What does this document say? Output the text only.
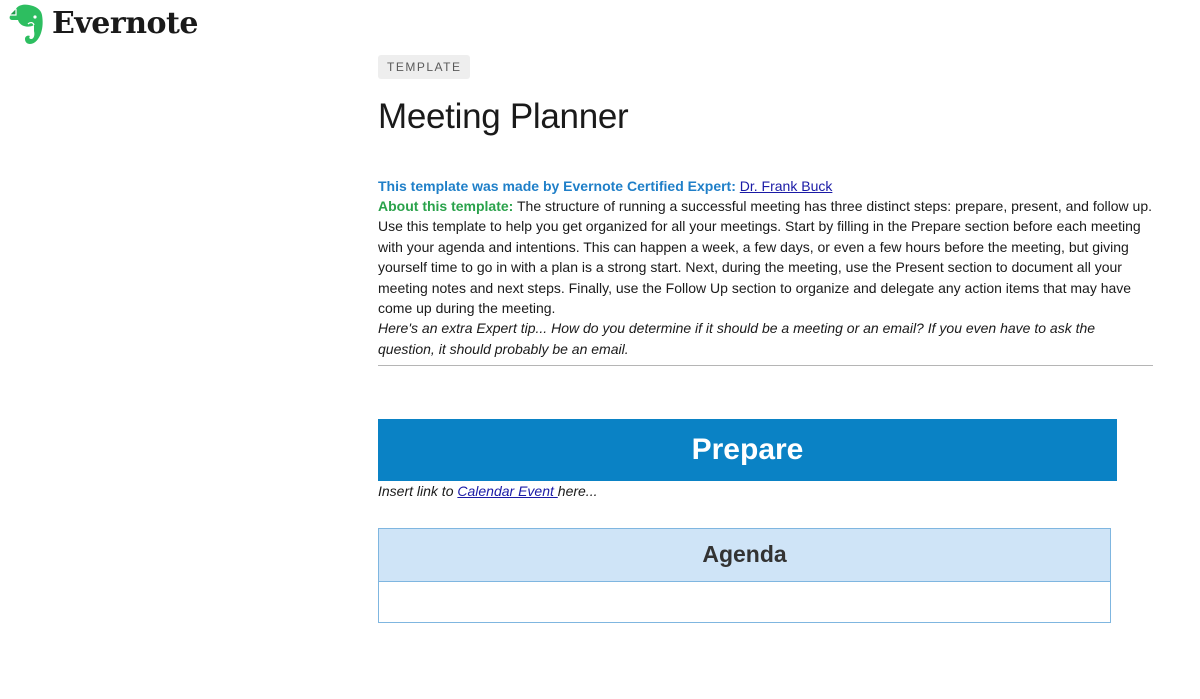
Evernote
TEMPLATE
Meeting Planner
This template was made by Evernote Certified Expert: Dr. Frank Buck

About this template: The structure of running a successful meeting has three distinct steps: prepare, present, and follow up.

Use this template to help you get organized for all your meetings. Start by filling in the Prepare section before each meeting with your agenda and intentions. This can happen a week, a few days, or even a few hours before the meeting, but giving yourself time to go in with a plan is a strong start. Next, during the meeting, use the Present section to document all your meeting notes and next steps. Finally, use the Follow Up section to organize and delegate any action items that may have come up during the meeting.

Here's an extra Expert tip... How do you determine if it should be a meeting or an email? If you even have to ask the question, it should probably be an email.

Prepare

Insert link to Calendar Event here...

Agenda
